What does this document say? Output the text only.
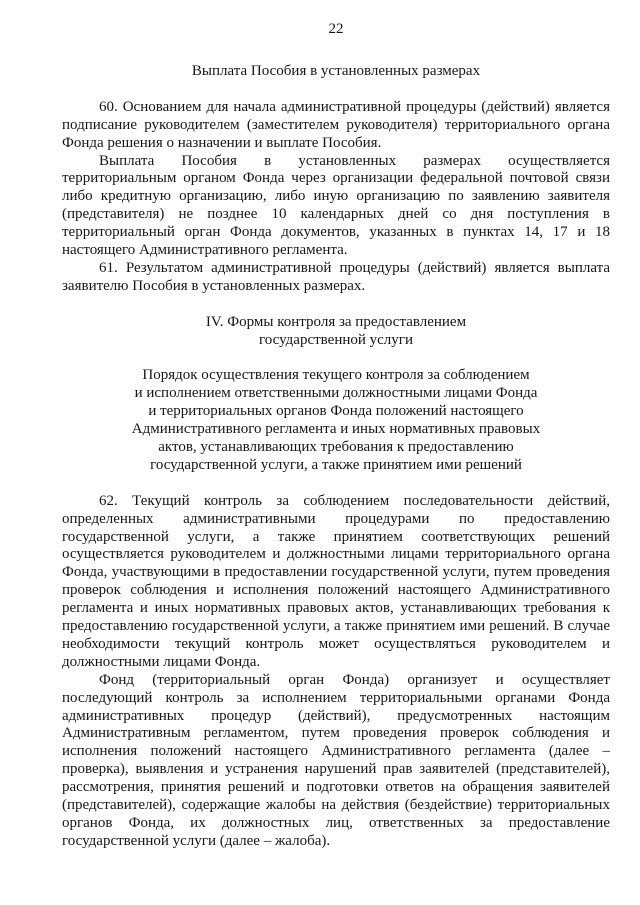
22
Выплата Пособия в установленных размерах
60. Основанием для начала административной процедуры (действий) является
подписание руководителем (заместителем руководителя) территориального органа
Фонда решения о назначении и выплате Пособия.
Выплата Пособия в установленных размерах осуществляется
территориальным органом Фонда через организации федеральной почтовой связи
либо кредитную организацию, либо иную организацию по заявлению заявителя
(представителя) не позднее 10 календарных дней со дня поступления в
территориальный орган Фонда документов, указанных в пунктах 14, 17 и 18
настоящего Административного регламента.
61. Результатом административной процедуры (действий) является выплата
заявителю Пособия в установленных размерах.
IV. Формы контроля за предоставлением
государственной услуги
Порядок осуществления текущего контроля за соблюдением
и исполнением ответственными должностными лицами Фонда
и территориальных органов Фонда положений настоящего
Административного регламента и иных нормативных правовых
актов, устанавливающих требования к предоставлению
государственной услуги, а также принятием ими решений
62. Текущий контроль за соблюдением последовательности действий,
определенных административными процедурами по предоставлению
государственной услуги, а также принятием соответствующих решений
осуществляется руководителем и должностными лицами территориального органа
Фонда, участвующими в предоставлении государственной услуги, путем проведения
проверок соблюдения и исполнения положений настоящего Административного
регламента и иных нормативных правовых актов, устанавливающих требования к
предоставлению государственной услуги, а также принятием ими решений. В случае
необходимости текущий контроль может осуществляться руководителем и
должностными лицами Фонда.
Фонд (территориальный орган Фонда) организует и осуществляет
последующий контроль за исполнением территориальными органами Фонда
административных процедур (действий), предусмотренных настоящим
Административным регламентом, путем проведения проверок соблюдения и
исполнения положений настоящего Административного регламента (далее –
проверка), выявления и устранения нарушений прав заявителей (представителей),
рассмотрения, принятия решений и подготовки ответов на обращения заявителей
(представителей), содержащие жалобы на действия (бездействие) территориальных
органов Фонда, их должностных лиц, ответственных за предоставление
государственной услуги (далее – жалоба).
